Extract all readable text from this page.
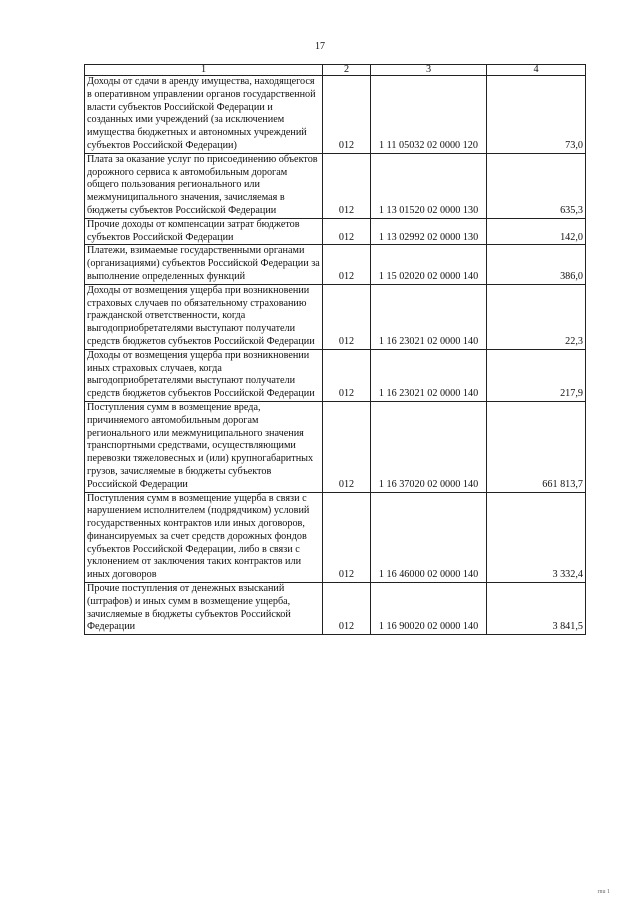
17
1	2	3	4
Доходы от сдачи в аренду имущества, находящегося в оперативном управлении органов государственной власти субъектов Российской Федерации и созданных ими учреждений (за исключением имущества бюджетных и автономных учреждений субъектов Российской Федерации)	012	1 11 05032 02 0000 120	73,0
Плата за оказание услуг по присоединению объектов дорожного сервиса к автомобильным дорогам общего пользования регионального или межмуниципального значения, зачисляемая в бюджеты субъектов Российской Федерации	012	1 13 01520 02 0000 130	635,3
Прочие доходы от компенсации затрат бюджетов субъектов Российской Федерации	012	1 13 02992 02 0000 130	142,0
Платежи, взимаемые государственными органами (организациями) субъектов Российской Федерации за выполнение определенных функций	012	1 15 02020 02 0000 140	386,0
Доходы от возмещения ущерба при возникновении страховых случаев по обязательному страхованию гражданской ответственности, когда выгодоприобретателями выступают получатели средств бюджетов субъектов Российской Федерации	012	1 16 23021 02 0000 140	22,3
Доходы от возмещения ущерба при возникновении иных страховых случаев, когда выгодоприобретателями выступают получатели средств бюджетов субъектов Российской Федерации	012	1 16 23021 02 0000 140	217,9
Поступления сумм в возмещение вреда, причиняемого автомобильным дорогам регионального или межмуниципального значения транспортными средствами, осуществляющими перевозки тяжеловесных и (или) крупногабаритных грузов, зачисляемые в бюджеты субъектов Российской Федерации	012	1 16 37020 02 0000 140	661 813,7
Поступления сумм в возмещение ущерба в связи с нарушением исполнителем (подрядчиком) условий государственных контрактов или иных договоров, финансируемых за счет средств дорожных фондов субъектов Российской Федерации, либо в связи с уклонением от заключения таких контрактов или иных договоров	012	1 16 46000 02 0000 140	3 332,4
Прочие поступления от денежных взысканий (штрафов) и иных сумм в возмещение ущерба, зачисляемые в бюджеты субъектов Российской Федерации	012	1 16 90020 02 0000 140	3 841,5
rnu 1
